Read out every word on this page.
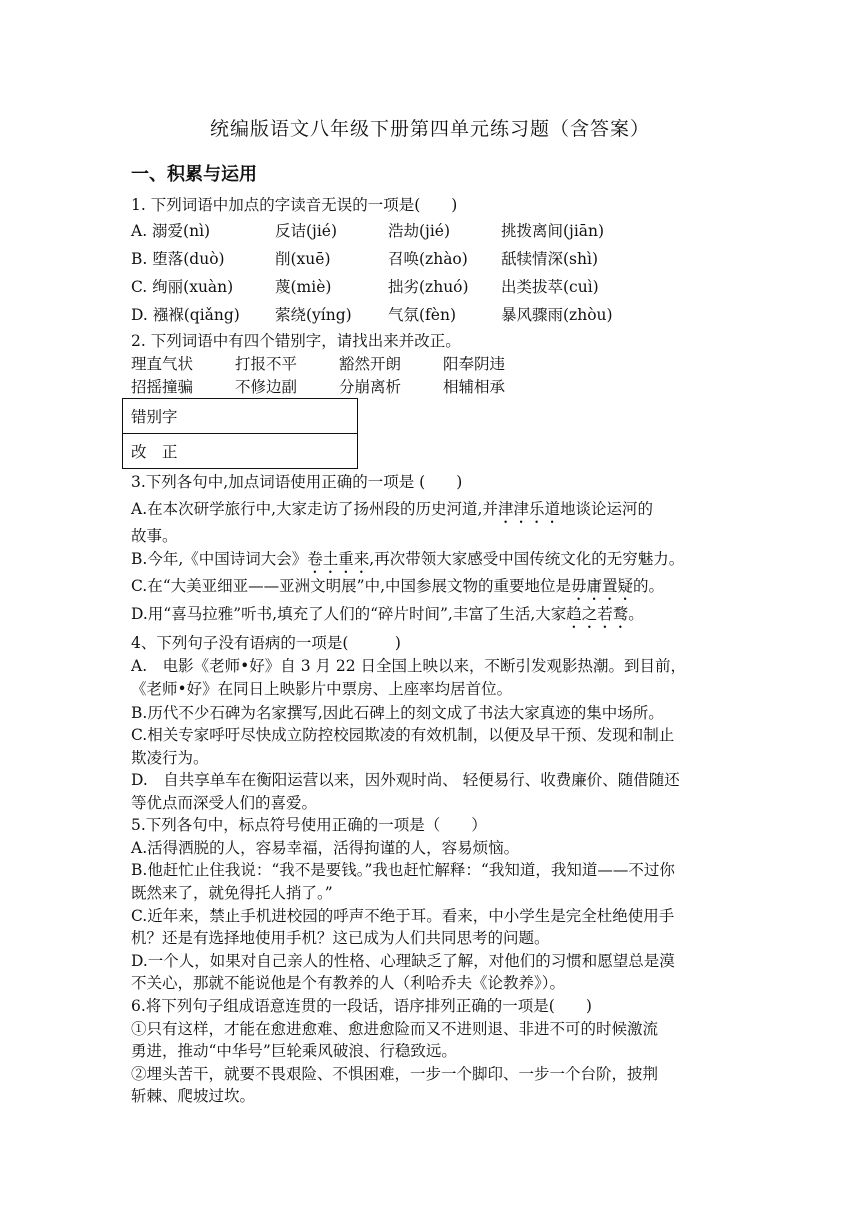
统编版语文八年级下册第四单元练习题（含答案）
一、积累与运用
1. 下列词语中加点的字读音无误的一项是(　　)
A. 溺爱(nì)	反诘(jié)	浩劫(jié)	挑拨离间(jiān)
B. 堕落(duò)	削(xuē)	召唤(zhào) 舐犊情深(shì)
C. 绚丽(xuàn)	蔑(miè)	拙劣(zhuó) 出类拔萃(cuì)
D. 襁褓(qiǎng) 萦绕(yíng) 气氛(fèn)	暴风骤雨(zhòu)
2. 下列词语中有四个错别字，请找出来并改正。
理直气状	打报不平	豁然开朗	阳奉阴违
招摇撞骗	不修边副	分崩离析	相辅相承
错别字
改　正
3.下列各句中,加点词语使用正确的一项是 (　　)
A.在本次研学旅行中,大家走访了扬州段的历史河道,并津津乐道地谈论运河的
故事。
B.今年,《中国诗词大会》卷土重来,再次带领大家感受中国传统文化的无穷魅力。
C.在“大美亚细亚——亚洲文明展”中,中国参展文物的重要地位是毋庸置疑的。
D.用“喜马拉雅”听书,填充了人们的“碎片时间”,丰富了生活,大家趋之若鹜。
4、下列句子没有语病的一项是(　　　)
A.　电影《老师•好》自 3 月 22 日全国上映以来，不断引发观影热潮。到目前，
《老师•好》在同日上映影片中票房、上座率均居首位。
B.历代不少石碑为名家撰写,因此石碑上的刻文成了书法大家真迹的集中场所。
C.相关专家呼吁尽快成立防控校园欺凌的有效机制，以便及早干预、发现和制止
欺凌行为。
D.　自共享单车在衡阳运营以来，因外观时尚、 轻便易行、收费廉价、随借随还
等优点而深受人们的喜爱。
5.下列各句中，标点符号使用正确的一项是（　　）
A.活得洒脱的人，容易幸福，活得拘谨的人，容易烦恼。
B.他赶忙止住我说：“我不是要钱。”我也赶忙解释：“我知道，我知道——不过你
既然来了，就免得托人捎了。”
C.近年来，禁止手机进校园的呼声不绝于耳。看来，中小学生是完全杜绝使用手
机？还是有选择地使用手机？这已成为人们共同思考的问题。
D.一个人，如果对自己亲人的性格、心理缺乏了解，对他们的习惯和愿望总是漠
不关心，那就不能说他是个有教养的人（利哈乔夫《论教养》）。
6.将下列句子组成语意连贯的一段话，语序排列正确的一项是(　　)
①只有这样，才能在愈进愈难、愈进愈险而又不进则退、非进不可的时候激流
勇进，推动“中华号”巨轮乘风破浪、行稳致远。
②埋头苦干，就要不畏艰险、不惧困难，一步一个脚印、一步一个台阶，披荆
斩棘、爬坡过坎。
